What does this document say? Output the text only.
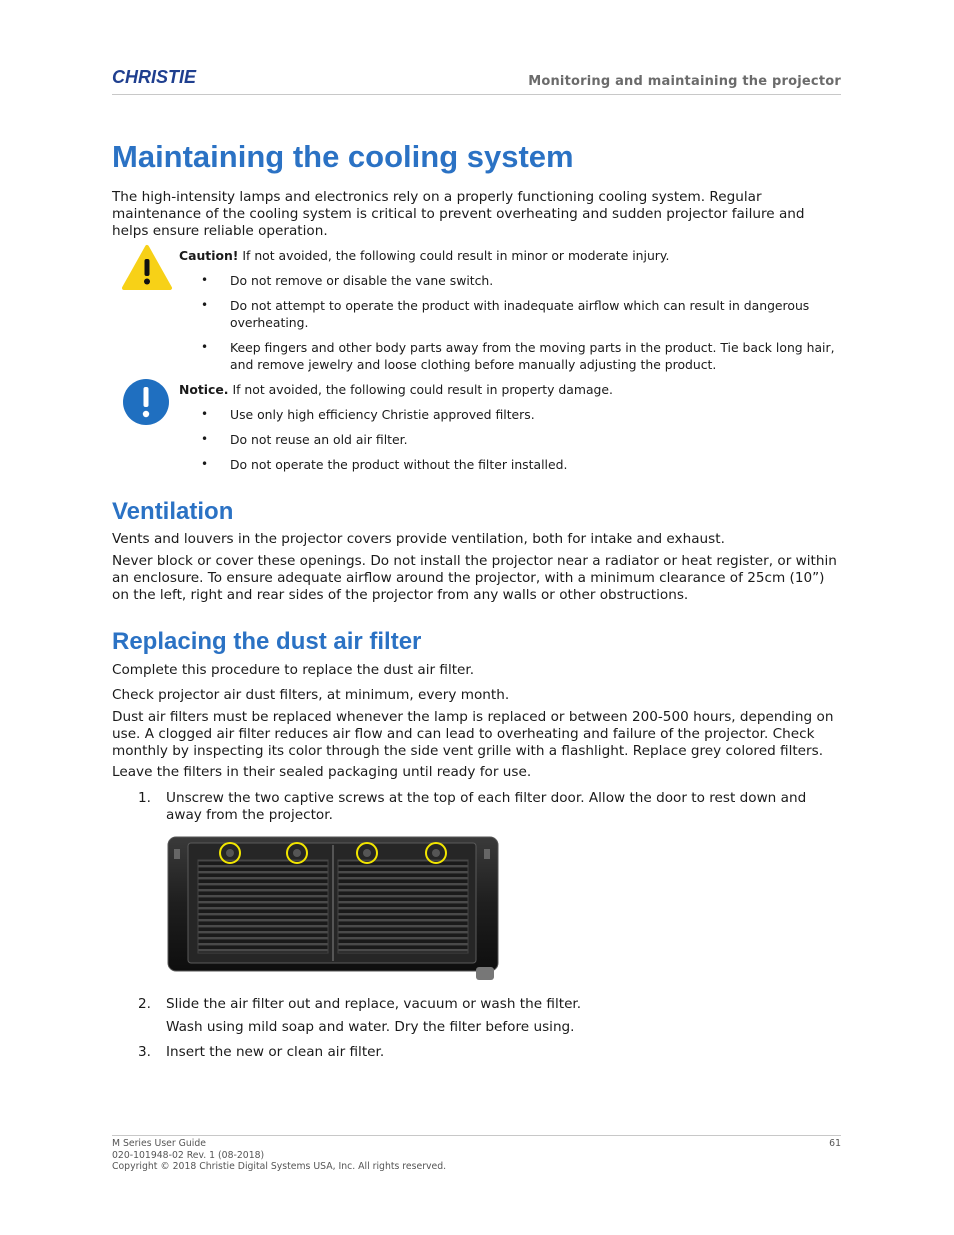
CHRISTIE	Monitoring and maintaining the projector
Maintaining the cooling system

The high-intensity lamps and electronics rely on a properly functioning cooling system. Regular maintenance of the cooling system is critical to prevent overheating and sudden projector failure and helps ensure reliable operation.

Caution! If not avoided, the following could result in minor or moderate injury.
• Do not remove or disable the vane switch.
• Do not attempt to operate the product with inadequate airflow which can result in dangerous overheating.
• Keep fingers and other body parts away from the moving parts in the product. Tie back long hair, and remove jewelry and loose clothing before manually adjusting the product.
Notice. If not avoided, the following could result in property damage.
• Use only high efficiency Christie approved filters.
• Do not reuse an old air filter.
• Do not operate the product without the filter installed.
Ventilation

Vents and louvers in the projector covers provide ventilation, both for intake and exhaust.

Never block or cover these openings. Do not install the projector near a radiator or heat register, or within an enclosure. To ensure adequate airflow around the projector, with a minimum clearance of 25cm (10”) on the left, right and rear sides of the projector from any walls or other obstructions.

Replacing the dust air filter

Complete this procedure to replace the dust air filter.

Check projector air dust filters, at minimum, every month.

Dust air filters must be replaced whenever the lamp is replaced or between 200-500 hours, depending on use. A clogged air filter reduces air flow and can lead to overheating and failure of the projector. Check monthly by inspecting its color through the side vent grille with a flashlight. Replace grey colored filters.

Leave the filters in their sealed packaging until ready for use.

1. Unscrew the two captive screws at the top of each filter door. Allow the door to rest down and away from the projector.
2. Slide the air filter out and replace, vacuum or wash the filter.
Wash using mild soap and water. Dry the filter before using.
3. Insert the new or clean air filter.
M Series User Guide
020-101948-02 Rev. 1 (08-2018)
Copyright © 2018 Christie Digital Systems USA, Inc. All rights reserved.
61
